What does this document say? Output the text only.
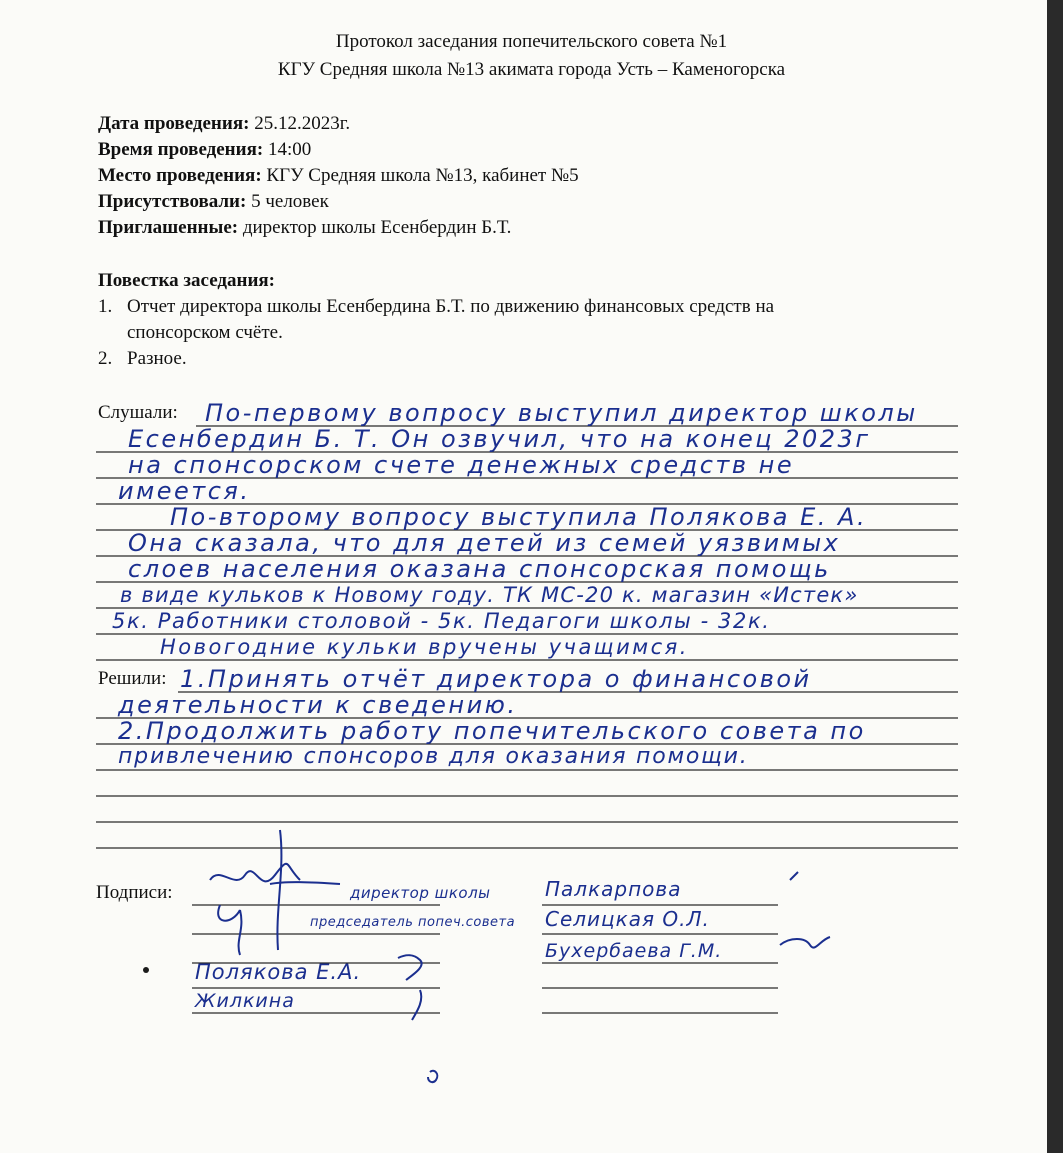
Протокол заседания попечительского совета №1
КГУ Средняя школа №13 акимата города Усть – Каменогорска
Дата проведения: 25.12.2023г.
Время проведения: 14:00
Место проведения: КГУ Средняя школа №13, кабинет №5
Присутствовали: 5 человек
Приглашенные: директор школы Есенбердин Б.Т.
Повестка заседания:
1. Отчет директора школы Есенбердина Б.Т. по движению финансовых средств на
спонсорском счёте.
2. Разное.
Слушали: По-первому вопросу выступил директор школы
Есенбердин Б. Т. Он озвучил, что на конец 2023г
на спонсорском счете денежных средств не
имеется.
По-второму вопросу выступила Полякова Е. А.
Она сказала, что для детей из семей уязвимых
слоев населения оказана спонсорская помощь
в виде кульков к Новому году. ТК МС-20 к. магазин «Истек»
5к. Работники столовой - 5к. Педагоги школы - 32к.
Новогодние кульки вручены учащимся.
Решили: 1.Принять отчёт директора о финансовой
деятельности к сведению.
2.Продолжить работу попечительского совета по
привлечению спонсоров для оказания помощи.
Подписи:	директор школы	Палкарпова
председатель попеч.совета Селицкая О.Л.
Бухербаева Г.М.
Полякова Е.А.
Жилкина
